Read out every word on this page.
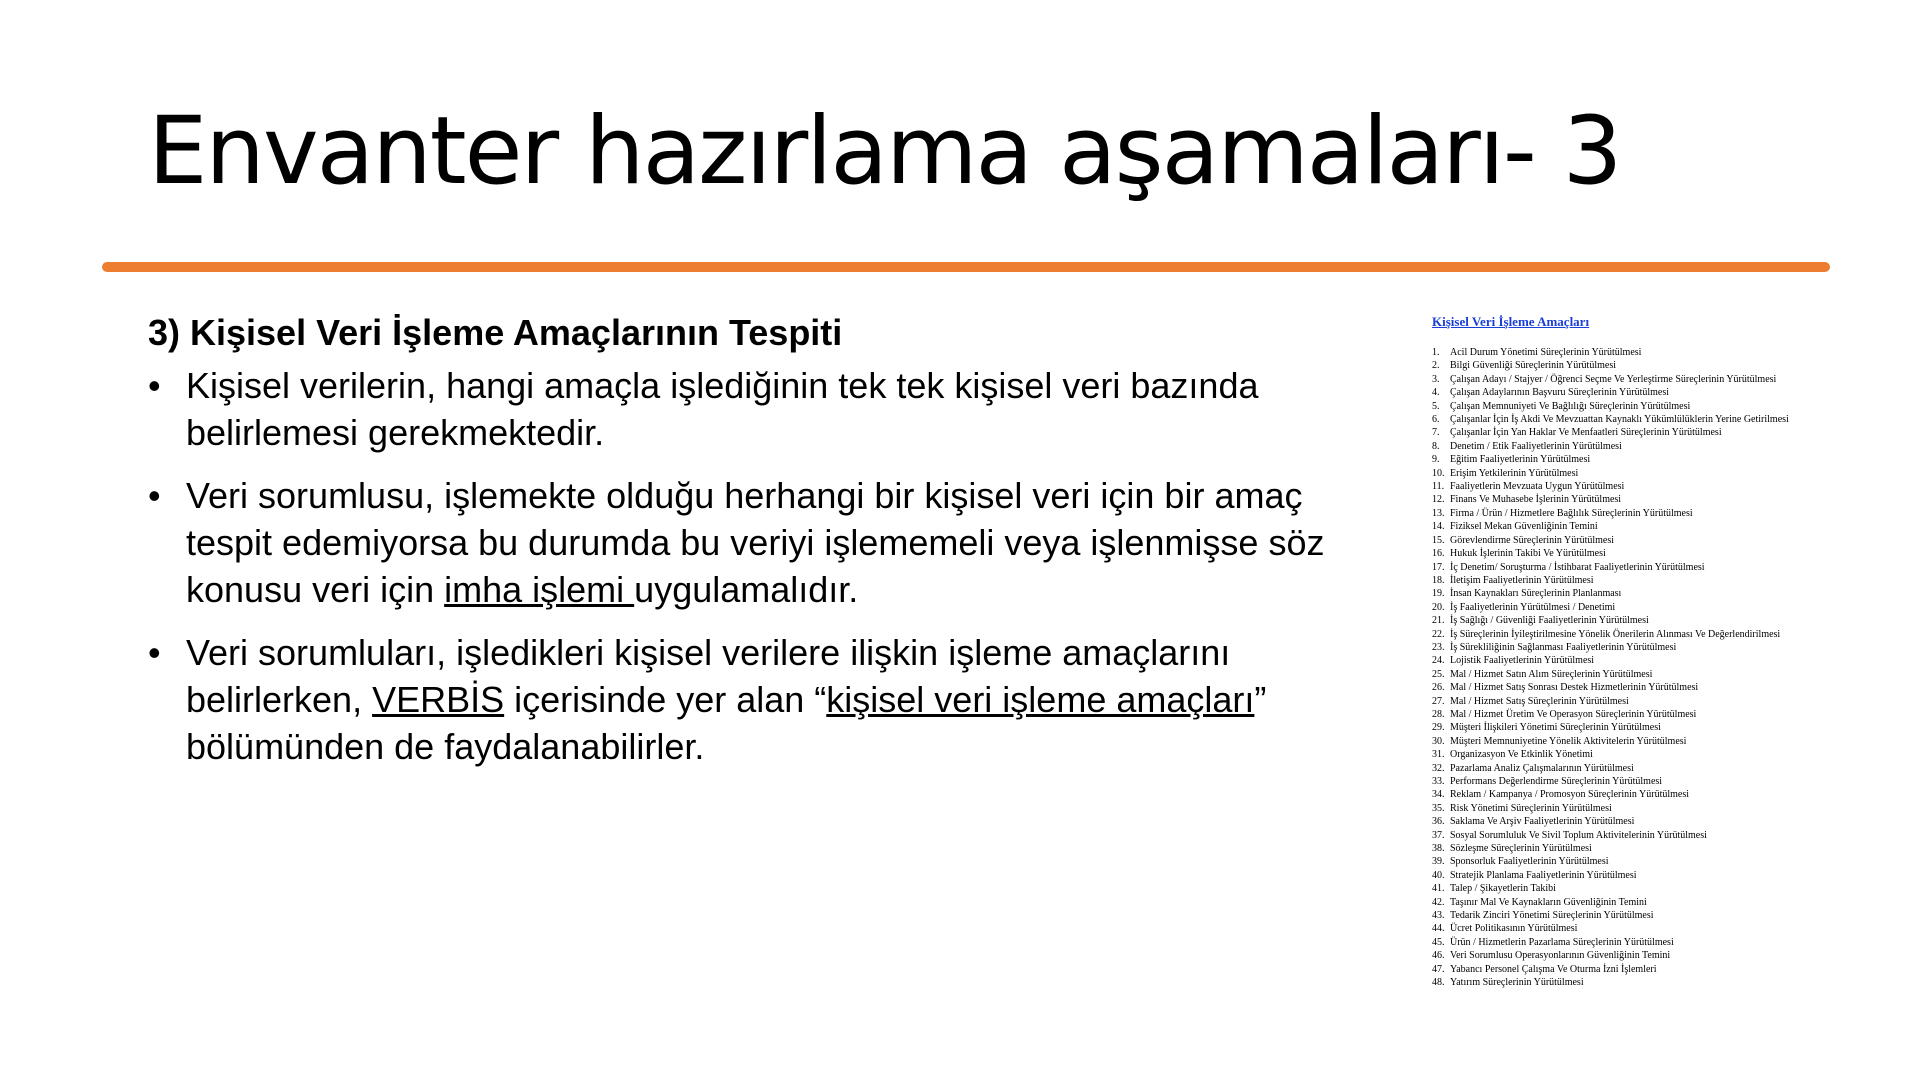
Envanter hazırlama aşamaları- 3

3) Kişisel Veri İşleme Amaçlarının Tespiti

• Kişisel verilerin, hangi amaçla işlediğinin tek tek kişisel veri bazında belirlemesi gerekmektedir.
• Veri sorumlusu, işlemekte olduğu herhangi bir kişisel veri için bir amaç tespit edemiyorsa bu durumda bu veriyi işlememeli veya işlenmişse söz konusu veri için imha işlemi uygulamalıdır.
• Veri sorumluları, işledikleri kişisel verilere ilişkin işleme amaçlarını belirlerken, VERBİS içerisinde yer alan “kişisel veri işleme amaçları” bölümünden de faydalanabilirler.

Kişisel Veri İşleme Amaçları

1.	Acil Durum Yönetimi Süreçlerinin Yürütülmesi
2.	Bilgi Güvenliği Süreçlerinin Yürütülmesi
3.	Çalışan Adayı / Stajyer / Öğrenci Seçme Ve Yerleştirme Süreçlerinin Yürütülmesi
4.	Çalışan Adaylarının Başvuru Süreçlerinin Yürütülmesi
5.	Çalışan Memnuniyeti Ve Bağlılığı Süreçlerinin Yürütülmesi
6.	Çalışanlar İçin İş Akdi Ve Mevzuattan Kaynaklı Yükümlülüklerin Yerine Getirilmesi
7.	Çalışanlar İçin Yan Haklar Ve Menfaatleri Süreçlerinin Yürütülmesi
8.	Denetim / Etik Faaliyetlerinin Yürütülmesi
9.	Eğitim Faaliyetlerinin Yürütülmesi
10. Erişim Yetkilerinin Yürütülmesi
11. Faaliyetlerin Mevzuata Uygun Yürütülmesi
12. Finans Ve Muhasebe İşlerinin Yürütülmesi
13. Firma / Ürün / Hizmetlere Bağlılık Süreçlerinin Yürütülmesi
14. Fiziksel Mekan Güvenliğinin Temini
15. Görevlendirme Süreçlerinin Yürütülmesi
16. Hukuk İşlerinin Takibi Ve Yürütülmesi
17. İç Denetim/ Soruşturma / İstihbarat Faaliyetlerinin Yürütülmesi
18. İletişim Faaliyetlerinin Yürütülmesi
19. İnsan Kaynakları Süreçlerinin Planlanması
20. İş Faaliyetlerinin Yürütülmesi / Denetimi
21. İş Sağlığı / Güvenliği Faaliyetlerinin Yürütülmesi
22. İş Süreçlerinin İyileştirilmesine Yönelik Önerilerin Alınması Ve Değerlendirilmesi
23. İş Sürekliliğinin Sağlanması Faaliyetlerinin Yürütülmesi
24. Lojistik Faaliyetlerinin Yürütülmesi
25. Mal / Hizmet Satın Alım Süreçlerinin Yürütülmesi
26. Mal / Hizmet Satış Sonrası Destek Hizmetlerinin Yürütülmesi
27. Mal / Hizmet Satış Süreçlerinin Yürütülmesi
28. Mal / Hizmet Üretim Ve Operasyon Süreçlerinin Yürütülmesi
29. Müşteri İlişkileri Yönetimi Süreçlerinin Yürütülmesi
30. Müşteri Memnuniyetine Yönelik Aktivitelerin Yürütülmesi
31. Organizasyon Ve Etkinlik Yönetimi
32. Pazarlama Analiz Çalışmalarının Yürütülmesi
33. Performans Değerlendirme Süreçlerinin Yürütülmesi
34. Reklam / Kampanya / Promosyon Süreçlerinin Yürütülmesi
35. Risk Yönetimi Süreçlerinin Yürütülmesi
36. Saklama Ve Arşiv Faaliyetlerinin Yürütülmesi
37. Sosyal Sorumluluk Ve Sivil Toplum Aktivitelerinin Yürütülmesi
38. Sözleşme Süreçlerinin Yürütülmesi
39. Sponsorluk Faaliyetlerinin Yürütülmesi
40. Stratejik Planlama Faaliyetlerinin Yürütülmesi
41. Talep / Şikayetlerin Takibi
42. Taşınır Mal Ve Kaynakların Güvenliğinin Temini
43. Tedarik Zinciri Yönetimi Süreçlerinin Yürütülmesi
44. Ücret Politikasının Yürütülmesi
45. Ürün / Hizmetlerin Pazarlama Süreçlerinin Yürütülmesi
46. Veri Sorumlusu Operasyonlarının Güvenliğinin Temini
47. Yabancı Personel Çalışma Ve Oturma İzni İşlemleri
48. Yatırım Süreçlerinin Yürütülmesi
